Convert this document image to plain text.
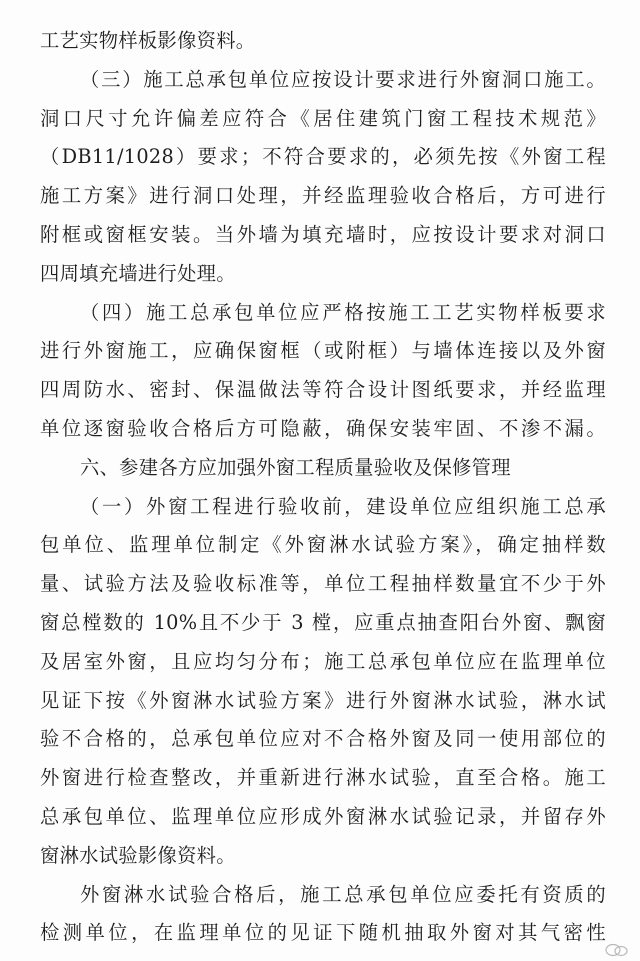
工艺实物样板影像资料。
（三）施工总承包单位应按设计要求进行外窗洞口施工。
洞口尺寸允许偏差应符合《居住建筑门窗工程技术规范》
（DB11/1028）要求；不符合要求的，必须先按《外窗工程
施工方案》进行洞口处理，并经监理验收合格后，方可进行
附框或窗框安装。当外墙为填充墙时，应按设计要求对洞口
四周填充墙进行处理。
（四）施工总承包单位应严格按施工工艺实物样板要求
进行外窗施工，应确保窗框（或附框）与墙体连接以及外窗
四周防水、密封、保温做法等符合设计图纸要求，并经监理
单位逐窗验收合格后方可隐蔽，确保安装牢固、不渗不漏。
六、参建各方应加强外窗工程质量验收及保修管理
（一）外窗工程进行验收前，建设单位应组织施工总承
包单位、监理单位制定《外窗淋水试验方案》，确定抽样数
量、试验方法及验收标准等，单位工程抽样数量宜不少于外
窗总樘数的 10%且不少于 3 樘，应重点抽查阳台外窗、飘窗
及居室外窗，且应均匀分布；施工总承包单位应在监理单位
见证下按《外窗淋水试验方案》进行外窗淋水试验，淋水试
验不合格的，总承包单位应对不合格外窗及同一使用部位的
外窗进行检查整改，并重新进行淋水试验，直至合格。施工
总承包单位、监理单位应形成外窗淋水试验记录，并留存外
窗淋水试验影像资料。
外窗淋水试验合格后，施工总承包单位应委托有资质的
检测单位，在监理单位的见证下随机抽取外窗对其气密性
